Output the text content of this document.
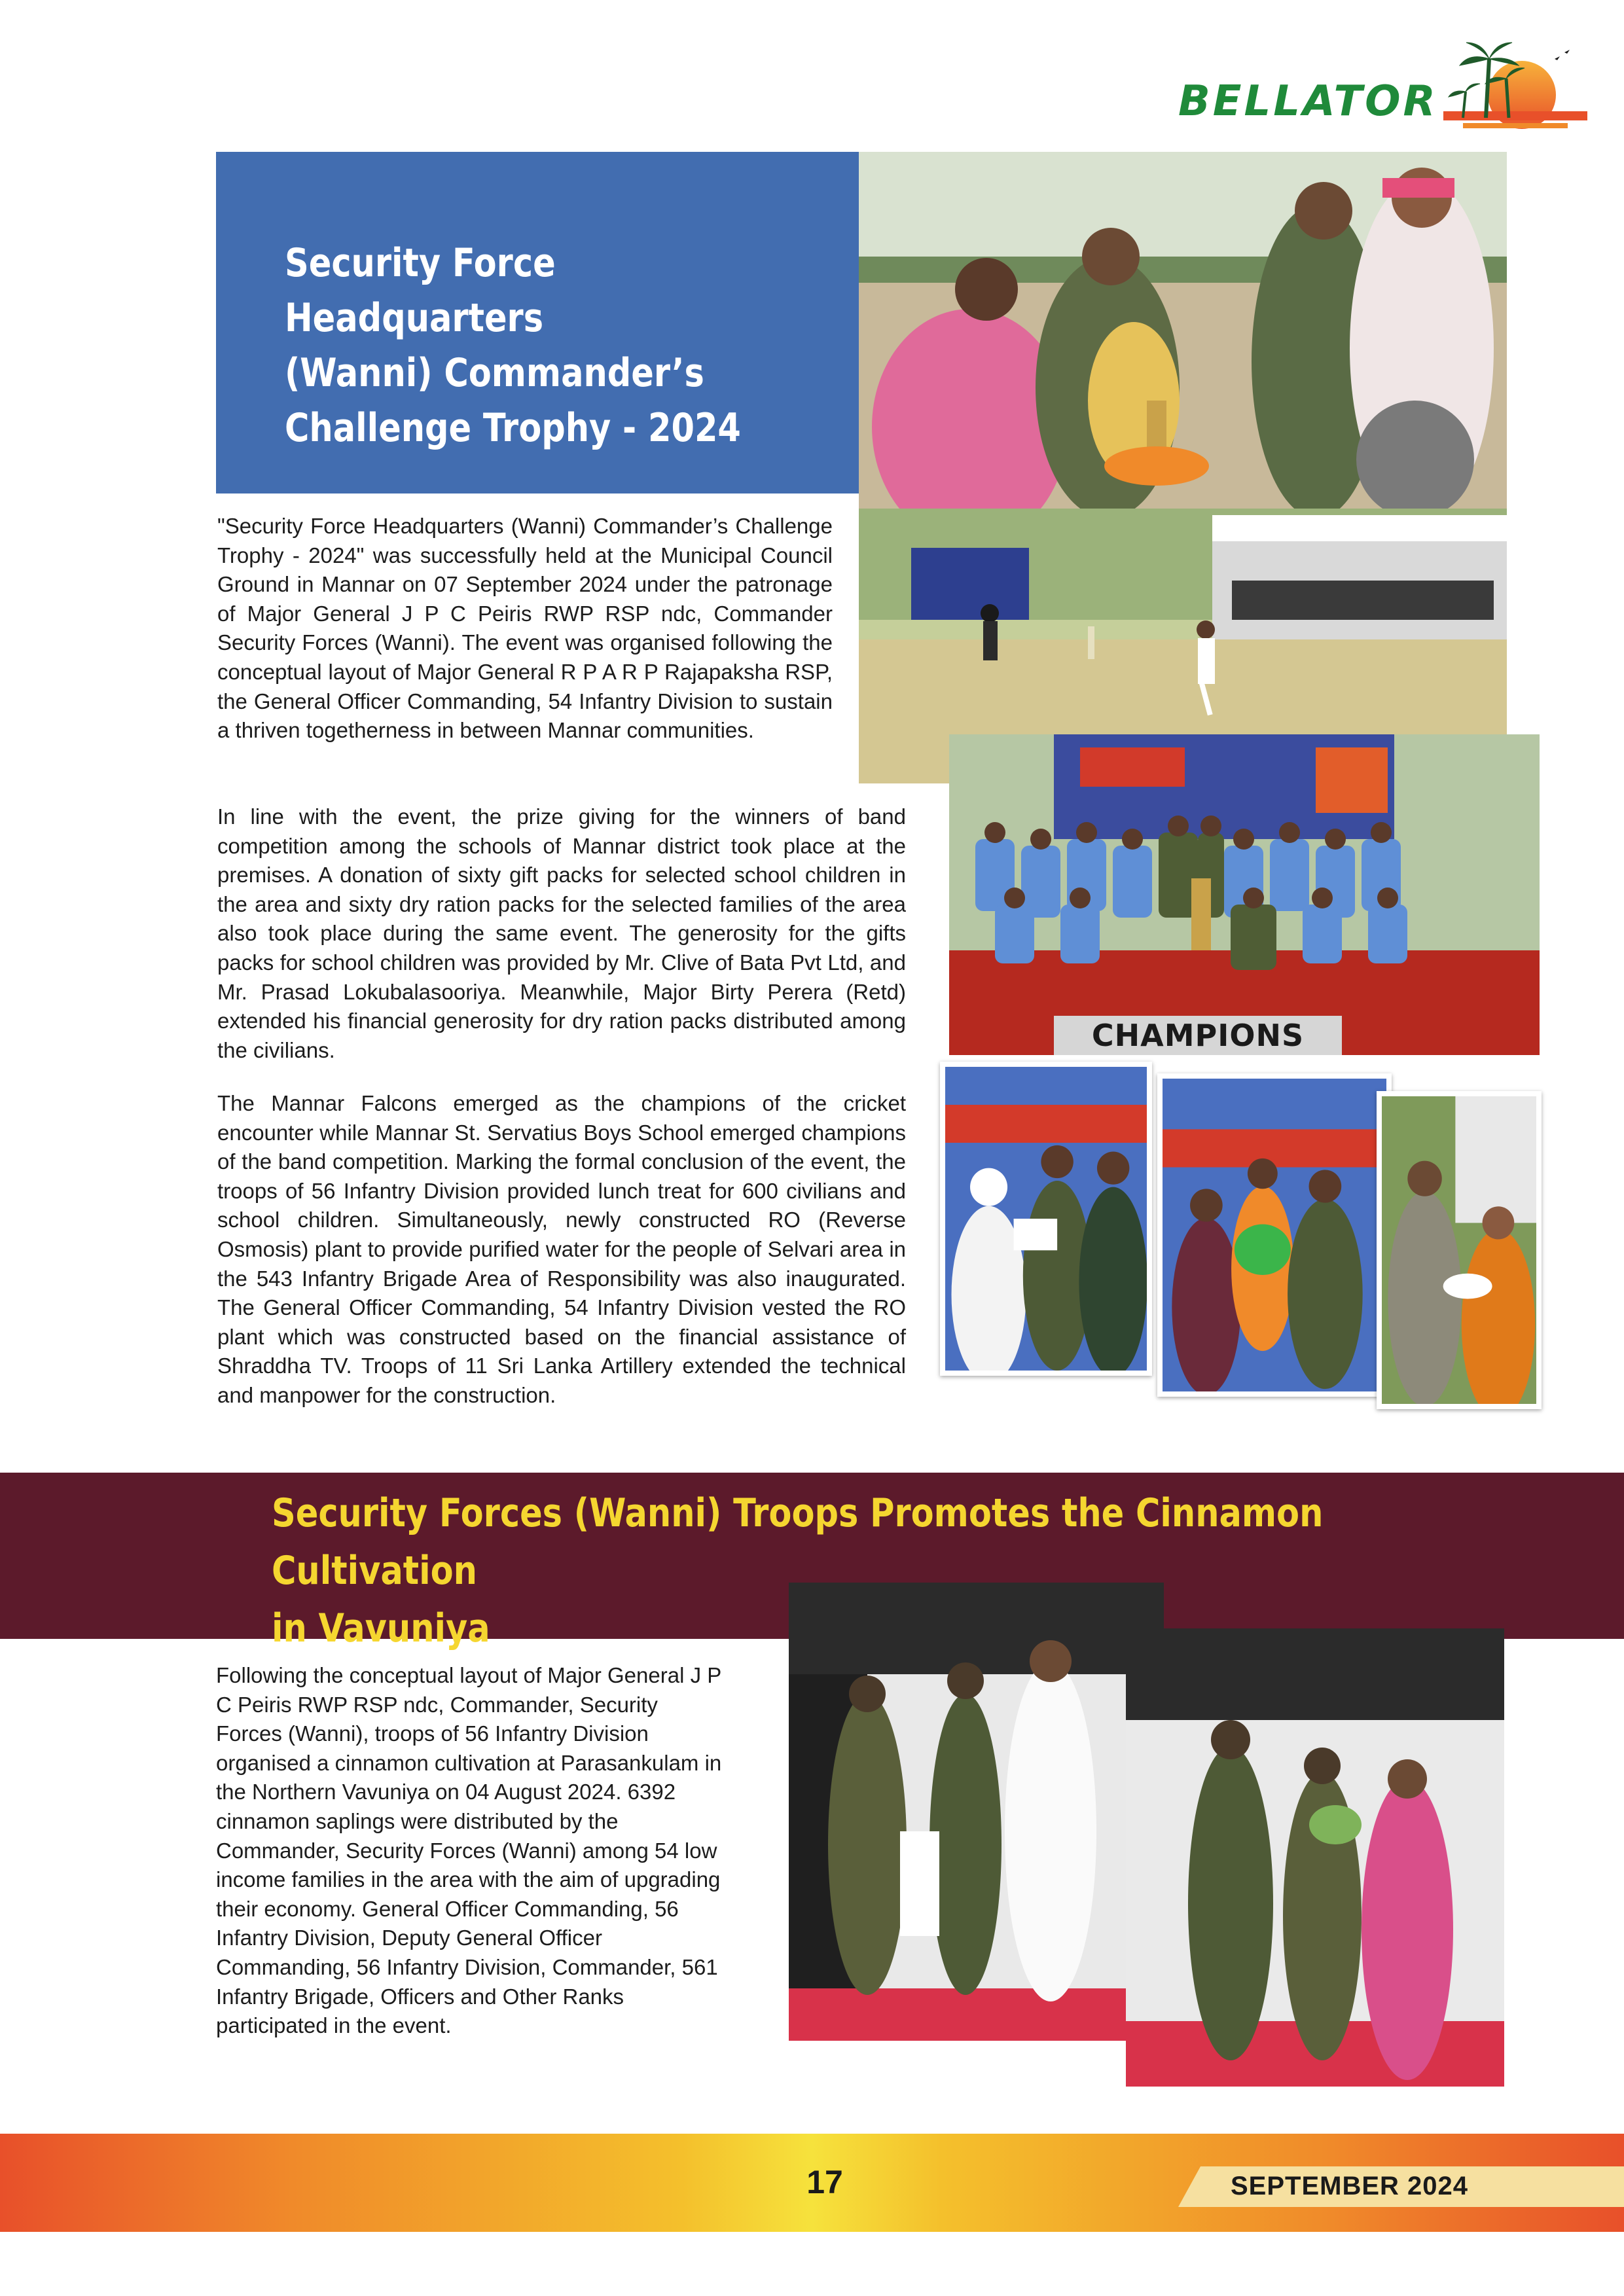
BELLATOR
Security Force Headquarters
(Wanni) Commander’s
Challenge Trophy - 2024
CHAMPIONS

"Security Force Headquarters (Wanni) Commander’s Challenge Trophy - 2024" was successfully held at the Municipal Council Ground in Mannar on 07 September 2024 under the patronage of Major General J P C Peiris RWP RSP ndc, Commander Security Forces (Wanni). The event was organised following the conceptual layout of Major General R P A R P Rajapaksha RSP, the General Officer Commanding, 54 Infantry Division to sustain a thriven togetherness in between Mannar communities.

In line with the event, the prize giving for the winners of band competition among the schools of Mannar district took place at the premises. A donation of sixty gift packs for selected school children in the area and sixty dry ration packs for the selected families of the area also took place during the same event. The generosity for the gifts packs for school children was provided by Mr. Clive of Bata Pvt Ltd, and Mr. Prasad Lokubalasooriya. Meanwhile, Major Birty Perera (Retd) extended his financial generosity for dry ration packs distributed among the civilians.

The Mannar Falcons emerged as the champions of the cricket encounter while Mannar St. Servatius Boys School emerged champions of the band competition. Marking the formal conclusion of the event, the troops of 56 Infantry Division provided lunch treat for 600 civilians and school children. Simultaneously, newly constructed RO (Reverse Osmosis) plant to provide purified water for the people of Selvari area in the 543 Infantry Brigade Area of Responsibility was also inaugurated. The General Officer Commanding, 54 Infantry Division vested the RO plant which was constructed based on the financial assistance of Shraddha TV. Troops of 11 Sri Lanka Artillery extended the technical and manpower for the construction.

Security Forces (Wanni) Troops Promotes the Cinnamon Cultivation
in Vavuniya

Following the conceptual layout of Major General J P C Peiris RWP RSP ndc, Commander, Security Forces (Wanni), troops of 56 Infantry Division organised a cinnamon cultivation at Parasankulam in the Northern Vavuniya on 04 August 2024. 6392 cinnamon saplings were distributed by the Commander, Security Forces (Wanni) among 54 low income families in the area with the aim of upgrading their economy. General Officer Commanding, 56 Infantry Division, Deputy General Officer Commanding, 56 Infantry Division, Commander, 561 Infantry Brigade, Officers and Other Ranks participated in the event.

17	SEPTEMBER 2024
